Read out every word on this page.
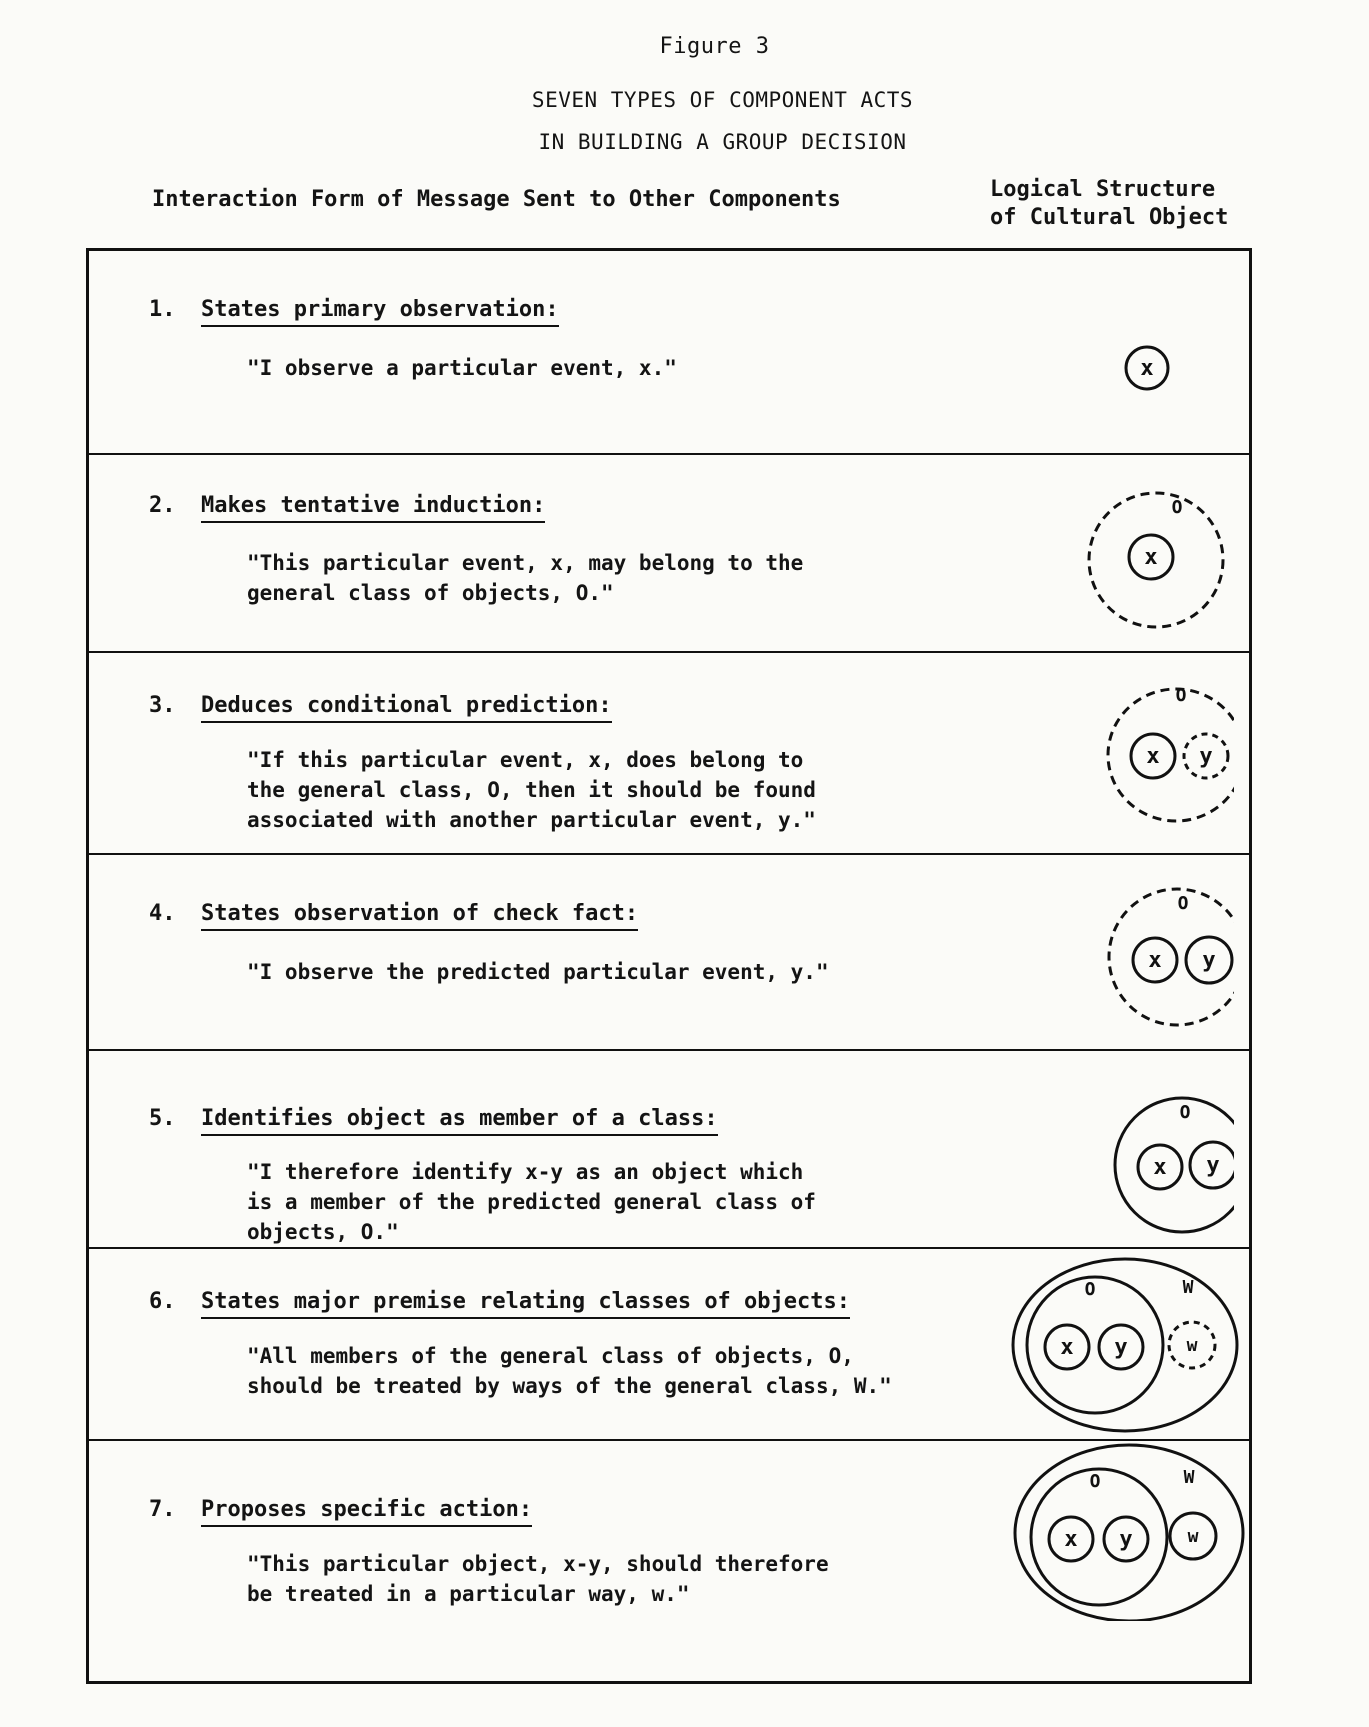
Figure 3
SEVEN TYPES OF COMPONENT ACTS
IN BUILDING A GROUP DECISION
Interaction Form of Message Sent to Other Components	Logical Structure
of Cultural Object
1. States primary observation:
"I observe a particular event, x."	x
2. Makes tentative induction:
"This particular event, x, may belong to the
general class of objects, O."
O
x
3. Deduces conditional prediction:
"If this particular event, x, does belong to
the general class, O, then it should be found
associated with another particular event, y."
O
x y
4. States observation of check fact:
"I observe the predicted particular event, y."
O
x y
5. Identifies object as member of a class:
"I therefore identify x-y as an object which
is a member of the predicted general class of
objects, O."
O
x y
6. States major premise relating classes of objects:
"All members of the general class of objects, O,
should be treated by ways of the general class, W."
W
O
x y	w
7. Proposes specific action:
"This particular object, x-y, should therefore
be treated in a particular way, w."
W
O
x y	w
